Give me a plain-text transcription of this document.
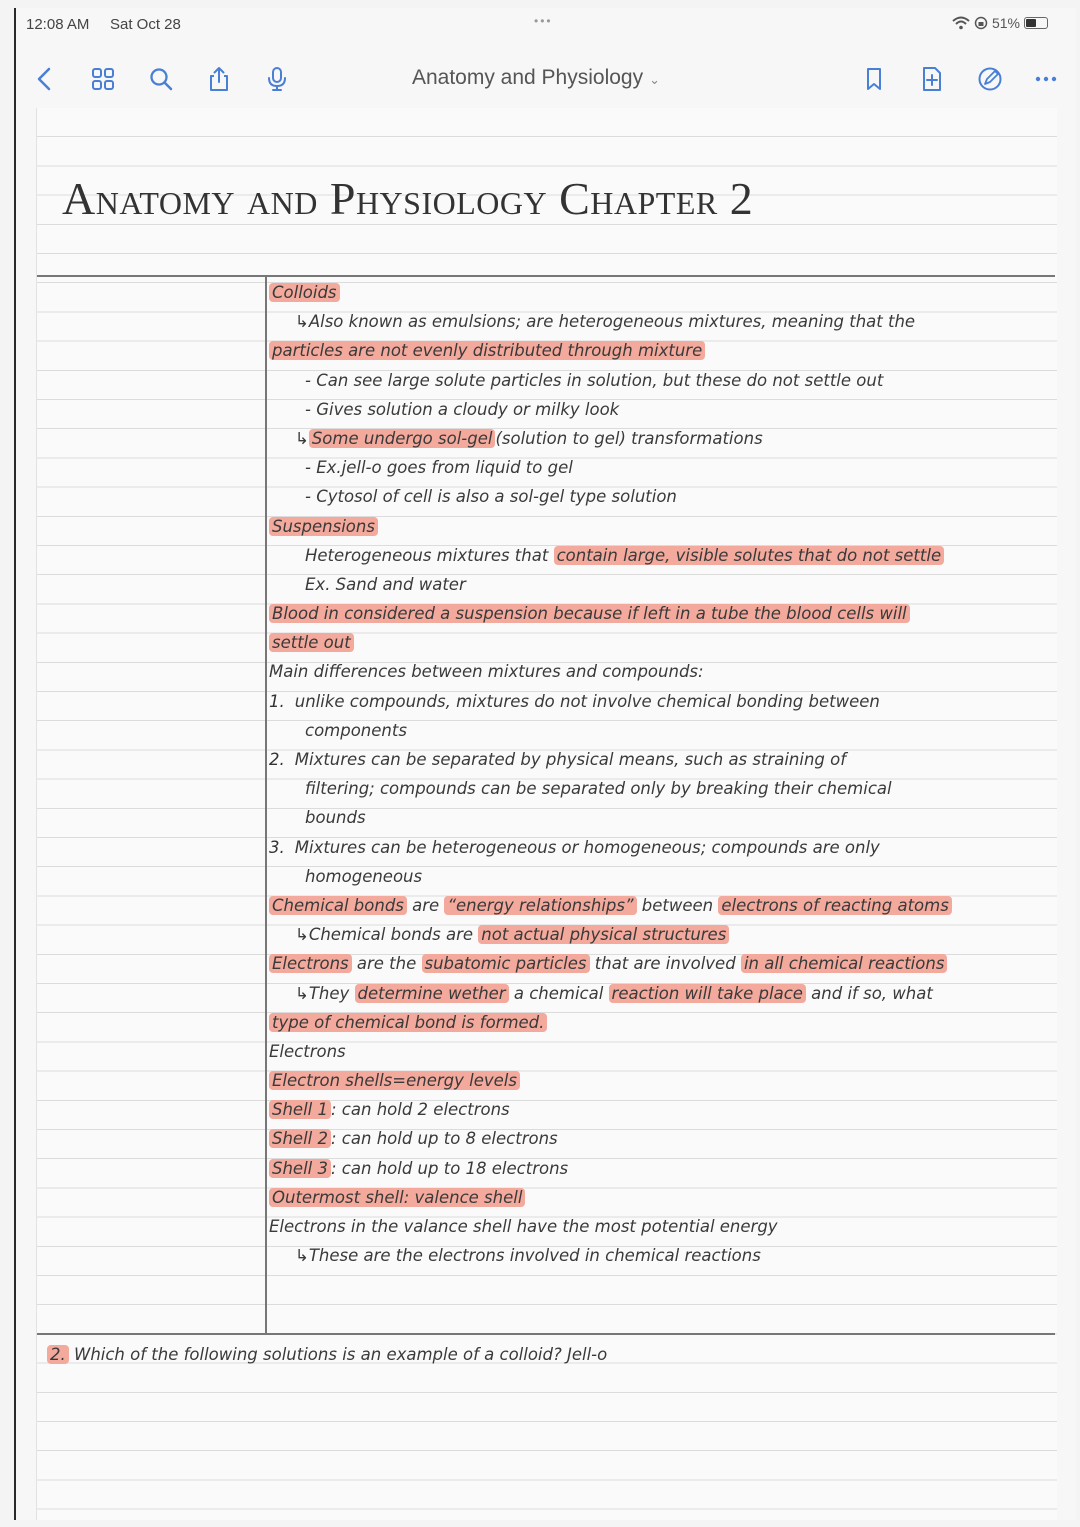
12:08 AM Sat Oct 28	•••	51%
Anatomy and Physiology ⌄
Anatomy and Physiology Chapter 2
Colloids
↳Also known as emulsions; are heterogeneous mixtures, meaning that the
particles are not evenly distributed through mixture
- Can see large solute particles in solution, but these do not settle out
- Gives solution a cloudy or milky look
↳ Some undergo sol-gel (solution to gel) transformations
- Ex.jell-o goes from liquid to gel
- Cytosol of cell is also a sol-gel type solution
Suspensions
Heterogeneous mixtures that contain large, visible solutes that do not settle
Ex. Sand and water
Blood in considered a suspension because if left in a tube the blood cells will
settle out
Main differences between mixtures and compounds:
1. unlike compounds, mixtures do not involve chemical bonding between
components
2. Mixtures can be separated by physical means, such as straining of
filtering; compounds can be separated only by breaking their chemical
bounds
3. Mixtures can be heterogeneous or homogeneous; compounds are only
homogeneous
Chemical bonds are “energy relationships” between electrons of reacting atoms
↳Chemical bonds are not actual physical structures
Electrons are the subatomic particles that are involved in all chemical reactions
↳They determine wether a chemical reaction will take place and if so, what
type of chemical bond is formed.
Electrons
Electron shells=energy levels
Shell 1 : can hold 2 electrons
Shell 2 : can hold up to 8 electrons
Shell 3 : can hold up to 18 electrons
Outermost shell: valence shell
Electrons in the valance shell have the most potential energy
↳These are the electrons involved in chemical reactions
2. Which of the following solutions is an example of a colloid? Jell-o
